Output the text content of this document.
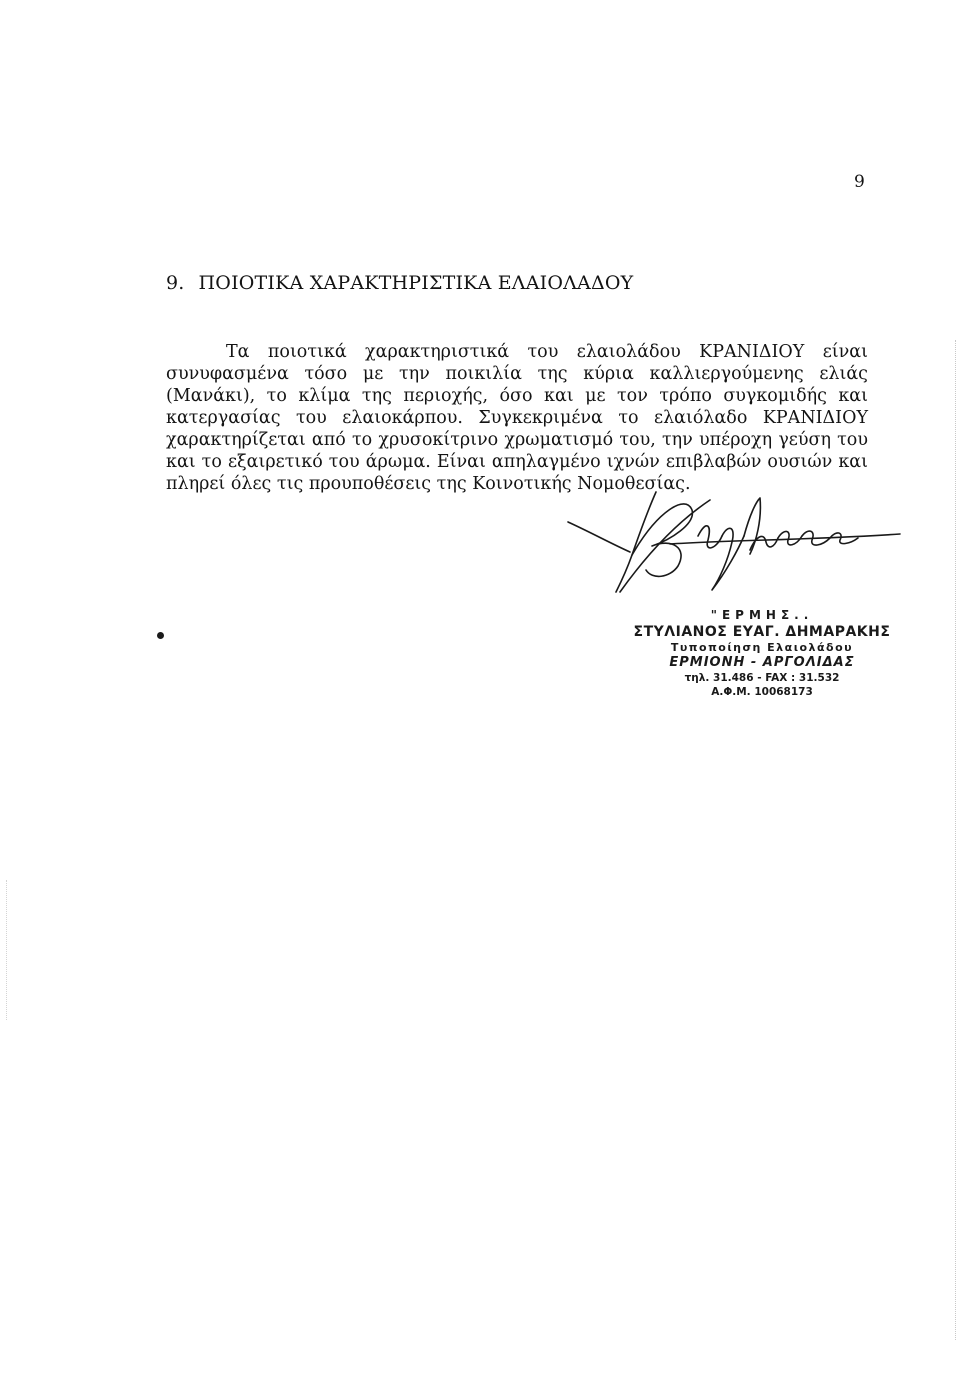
9
9. ΠΟΙΟΤΙΚΑ ΧΑΡΑΚΤΗΡΙΣΤΙΚΑ ΕΛΑΙΟΛΑΔΟΥ

Τα ποιοτικά χαρακτηριστικά του ελαιολάδου ΚΡΑΝΙΔΙΟΥ είναι συνυφασμένα τόσο με την ποικιλία της κύρια καλλιεργούμενης ελιάς (Μανάκι), το κλίμα της περιοχής, όσο και με τον τρόπο συγκομιδής και κατεργασίας του ελαιοκάρπου. Συγκεκριμένα το ελαιόλαδο ΚΡΑΝΙΔΙΟΥ χαρακτηρίζεται από το χρυσοκίτρινο χρωματισμό του, την υπέροχη γεύση του και το εξαιρετικό του άρωμα. Είναι απηλαγμένο ιχνών επιβλαβών ουσιών και πληρεί όλες τις προυποθέσεις της Κοινοτικής Νομοθεσίας.

"ΕΡΜΗΣ..
ΣΤΥΛΙΑΝΟΣ ΕΥΑΓ. ΔΗΜΑΡΑΚΗΣ
Τυποποίηση Ελαιολάδου
ΕΡΜΙΟΝΗ - ΑΡΓΟΛΙΔΑΣ
τηλ. 31.486 - FAX : 31.532
Α.Φ.Μ. 10068173
